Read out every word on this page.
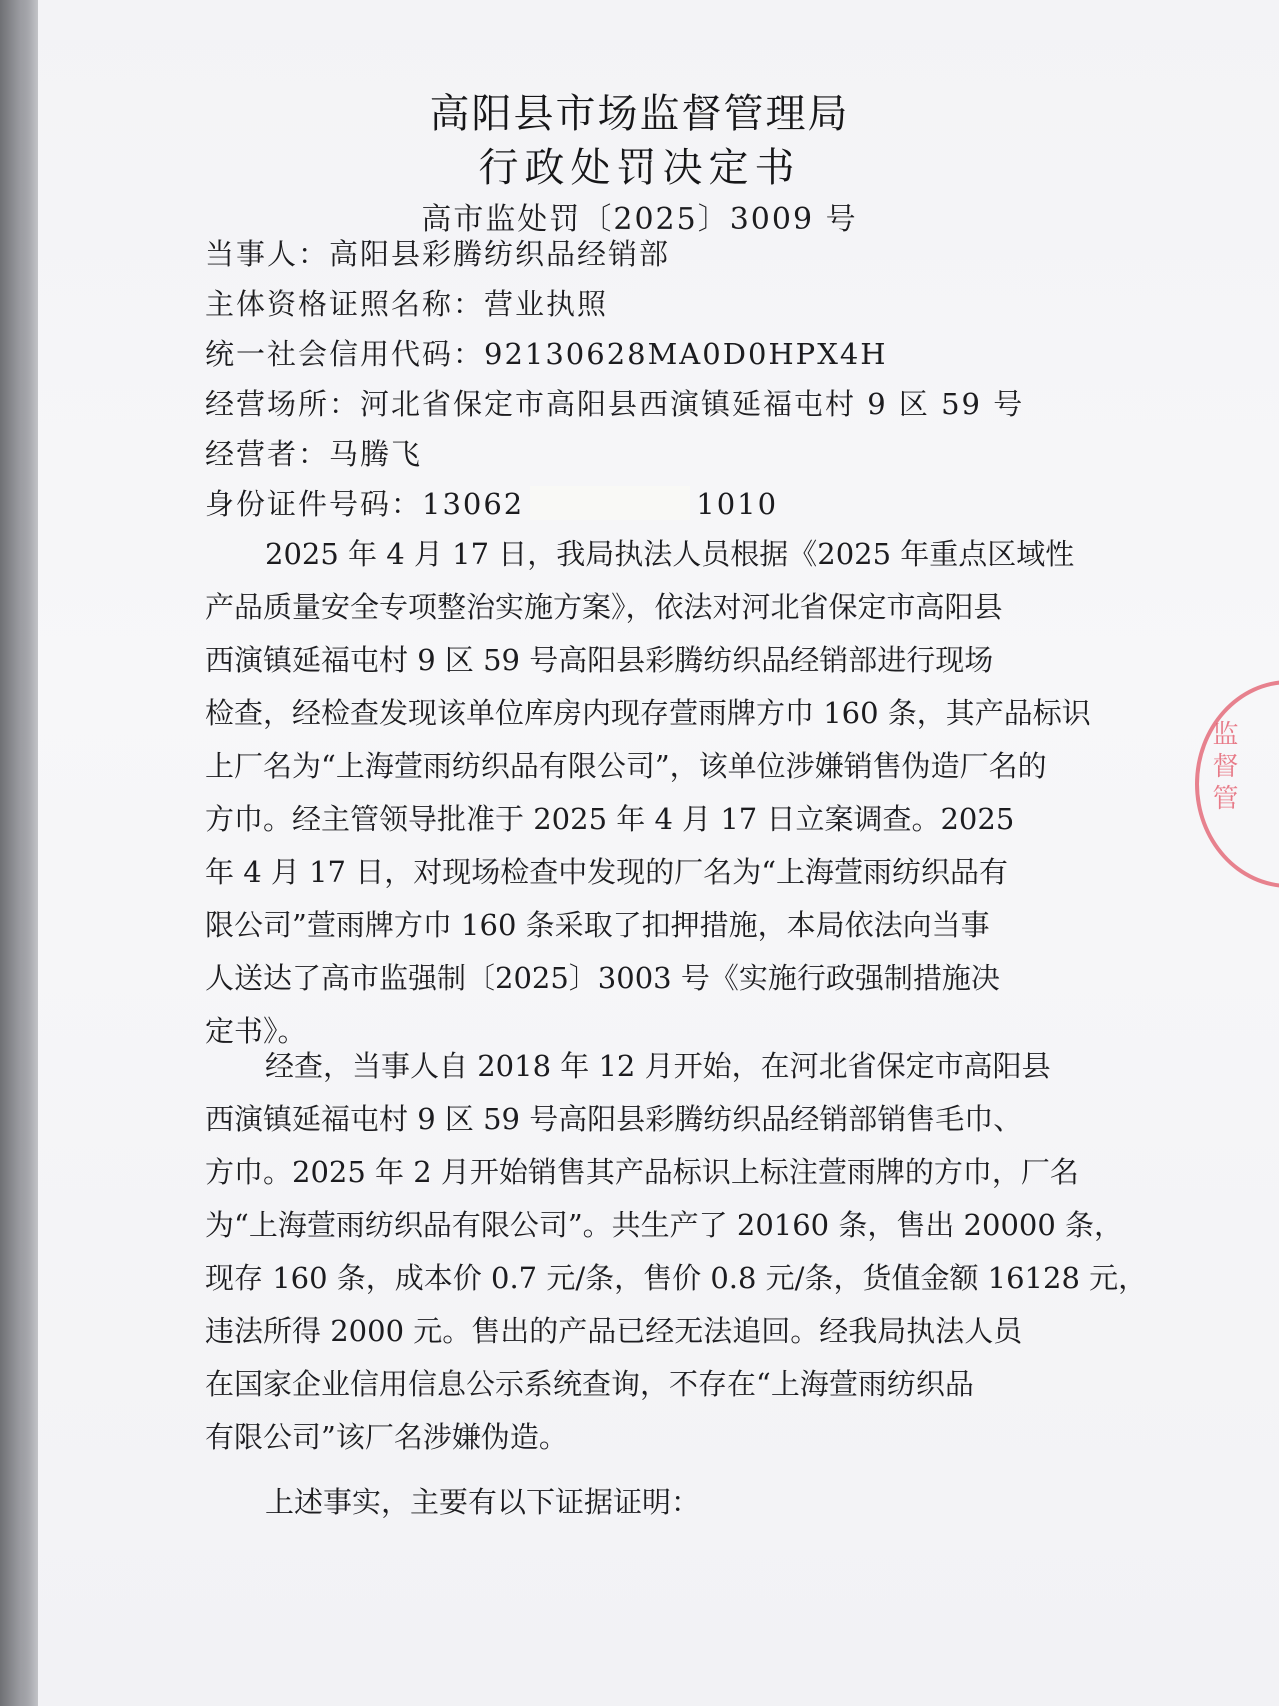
高阳县市场监督管理局
行政处罚决定书
高市监处罚〔2025〕3009 号
当事人：高阳县彩腾纺织品经销部
主体资格证照名称：营业执照
统一社会信用代码：92130628MA0D0HPX4H
经营场所：河北省保定市高阳县西演镇延福屯村 9 区 59 号
经营者：马腾飞
身份证件号码：13062	1010
2025 年 4 月 17 日，我局执法人员根据《2025 年重点区域性
产品质量安全专项整治实施方案》，依法对河北省保定市高阳县
西演镇延福屯村 9 区 59 号高阳县彩腾纺织品经销部进行现场
检查，经检查发现该单位库房内现存萱雨牌方巾 160 条，其产品标识
上厂名为“上海萱雨纺织品有限公司”，该单位涉嫌销售伪造厂名的
方巾。经主管领导批准于 2025 年 4 月 17 日立案调查。2025
年 4 月 17 日，对现场检查中发现的厂名为“上海萱雨纺织品有
限公司”萱雨牌方巾 160 条采取了扣押措施，本局依法向当事
人送达了高市监强制〔2025〕3003 号《实施行政强制措施决
定书》。
经查，当事人自 2018 年 12 月开始，在河北省保定市高阳县
西演镇延福屯村 9 区 59 号高阳县彩腾纺织品经销部销售毛巾、
方巾。2025 年 2 月开始销售其产品标识上标注萱雨牌的方巾，厂名
为“上海萱雨纺织品有限公司”。共生产了 20160 条，售出 20000 条，
现存 160 条，成本价 0.7 元/条，售价 0.8 元/条，货值金额 16128 元，
违法所得 2000 元。售出的产品已经无法追回。经我局执法人员
在国家企业信用信息公示系统查询，不存在“上海萱雨纺织品
有限公司”该厂名涉嫌伪造。
上述事实，主要有以下证据证明：
监督管
